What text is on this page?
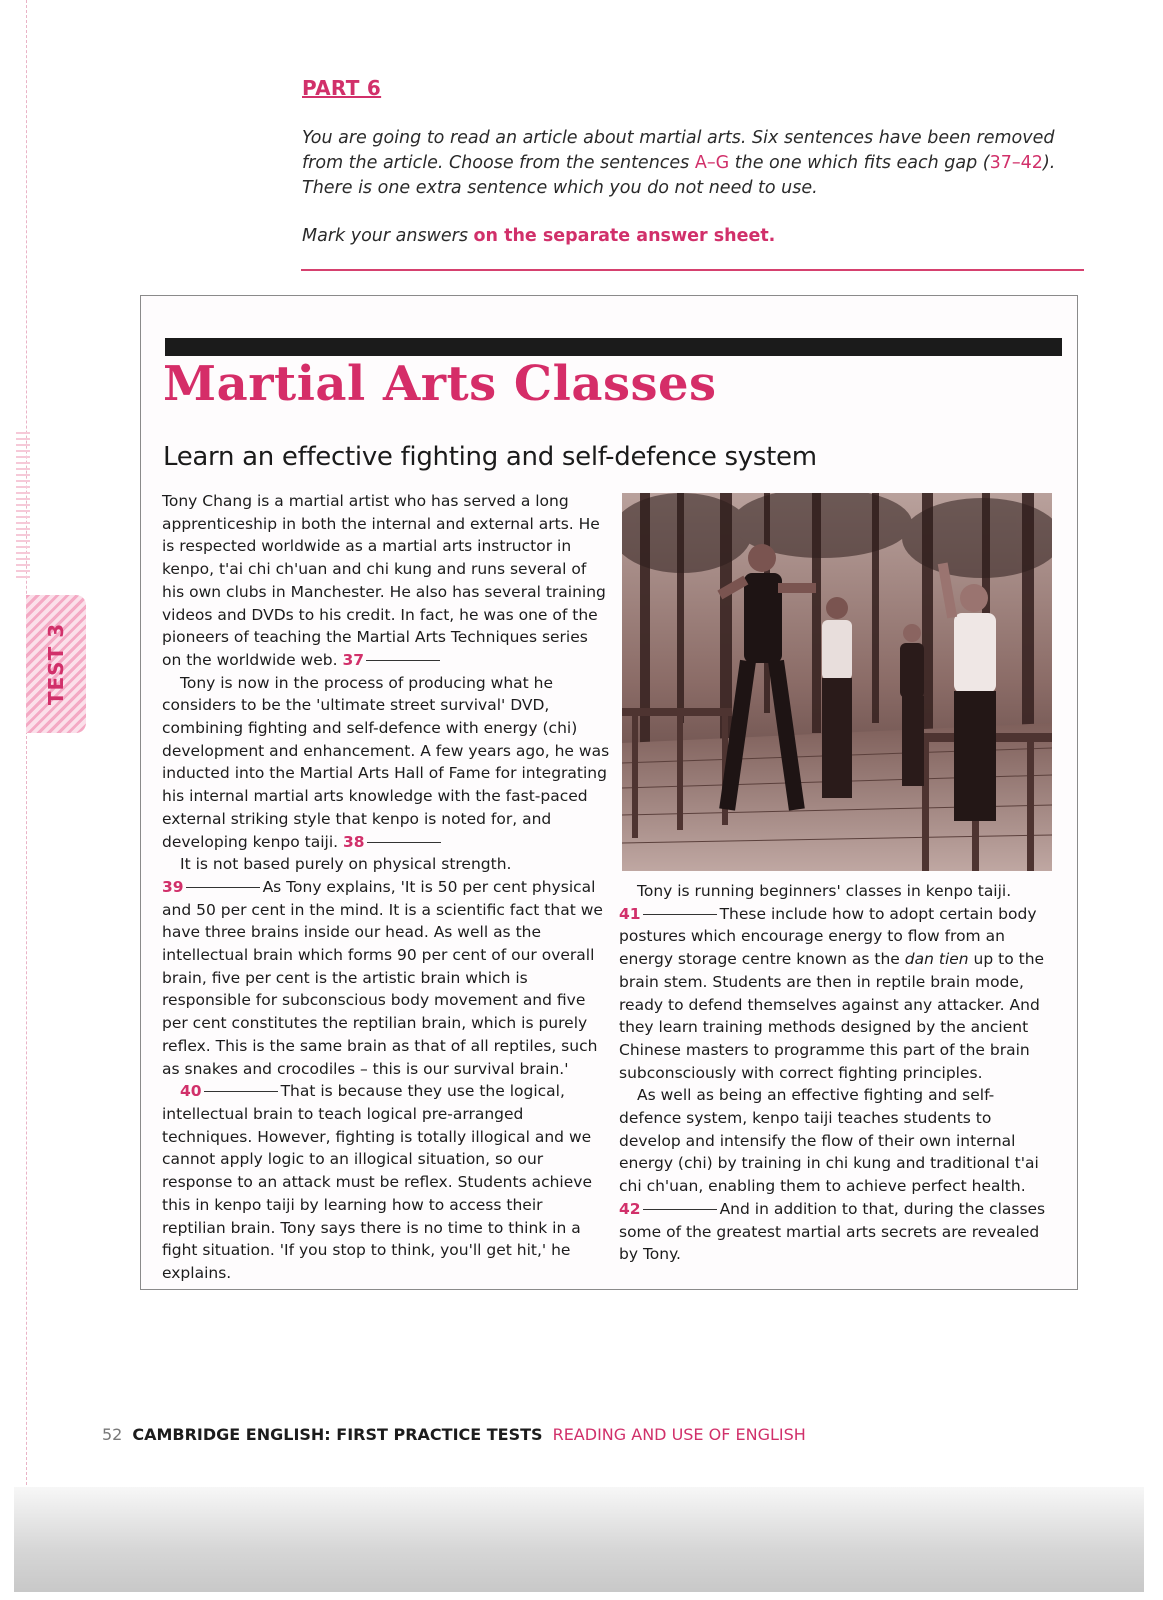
TEST 3
PART 6
You are going to read an article about martial arts. Six sentences have been removed from the article. Choose from the sentences A–G the one which fits each gap (37–42). There is one extra sentence which you do not need to use.
Mark your answers on the separate answer sheet.
Martial Arts Classes
Learn an effective fighting and self-defence system

Tony Chang is a martial artist who has served a long apprenticeship in both the internal and external arts. He is respected worldwide as a martial arts instructor in kenpo, t'ai chi ch'uan and chi kung and runs several of his own clubs in Manchester. He also has several training videos and DVDs to his credit. In fact, he was one of the pioneers of teaching the Martial Arts Techniques series on the worldwide web. 37

Tony is now in the process of producing what he considers to be the 'ultimate street survival' DVD, combining fighting and self-defence with energy (chi) development and enhancement. A few years ago, he was inducted into the Martial Arts Hall of Fame for integrating his internal martial arts knowledge with the fast-paced external striking style that kenpo is noted for, and developing kenpo taiji. 38

It is not based purely on physical strength.

39	As Tony explains, 'It is 50 per cent physical and 50 per cent in the mind. It is a scientific fact that we have three brains inside our head. As well as the intellectual brain which forms 90 per cent of our overall brain, five per cent is the artistic brain which is responsible for subconscious body movement and five per cent constitutes the reptilian brain, which is purely reflex. This is the same brain as that of all reptiles, such as snakes and crocodiles – this is our survival brain.'

40	That is because they use the logical, intellectual brain to teach logical pre-arranged techniques. However, fighting is totally illogical and we cannot apply logic to an illogical situation, so our response to an attack must be reflex. Students achieve this in kenpo taiji by learning how to access their reptilian brain. Tony says there is no time to think in a fight situation. 'If you stop to think, you'll get hit,' he explains.

Tony is running beginners' classes in kenpo taiji.

41	These include how to adopt certain body postures which encourage energy to flow from an energy storage centre known as the dan tien up to the brain stem. Students are then in reptile brain mode, ready to defend themselves against any attacker. And they learn training methods designed by the ancient Chinese masters to programme this part of the brain subconsciously with correct fighting principles.

As well as being an effective fighting and self-defence system, kenpo taiji teaches students to develop and intensify the flow of their own internal energy (chi) by training in chi kung and traditional t'ai chi ch'uan, enabling them to achieve perfect health.

42	And in addition to that, during the classes some of the greatest martial arts secrets are revealed by Tony.

52 CAMBRIDGE ENGLISH: FIRST PRACTICE TESTS READING AND USE OF ENGLISH
